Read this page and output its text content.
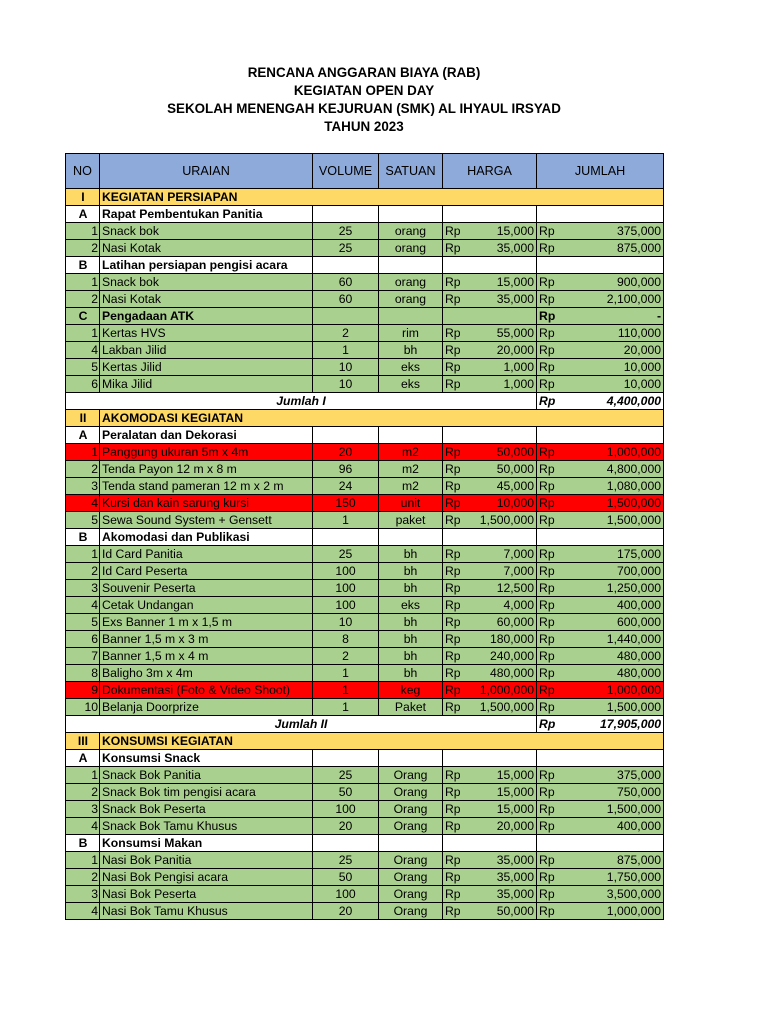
RENCANA ANGGARAN BIAYA (RAB)
KEGIATAN OPEN DAY
SEKOLAH MENENGAH KEJURUAN (SMK) AL IHYAUL IRSYAD
TAHUN 2023
NO	URAIAN	VOLUME	SATUAN	HARGA		JUMLAH	
I	KEGIATAN PERSIAPAN						
A	Rapat Pembentukan Panitia						
1	Snack bok	25	orang	Rp	15,000	Rp	375,000
2	Nasi Kotak	25	orang	Rp	35,000	Rp	875,000
B	Latihan persiapan pengisi acara						
1	Snack bok	60	orang	Rp	15,000	Rp	900,000
2	Nasi Kotak	60	orang	Rp	35,000	Rp	2,100,000
C	Pengadaan ATK					Rp	-
1	Kertas HVS	2	rim	Rp	55,000	Rp	110,000
4	Lakban Jilid	1	bh	Rp	20,000	Rp	20,000
5	Kertas Jilid	10	eks	Rp	1,000	Rp	10,000
6	Mika Jilid	10	eks	Rp	1,000	Rp	10,000
Jumlah I						Rp	4,400,000
II	AKOMODASI KEGIATAN						
A	Peralatan dan Dekorasi						
1	Panggung ukuran 5m x 4m	20	m2	Rp	50,000	Rp	1,000,000
2	Tenda Payon 12 m x 8 m	96	m2	Rp	50,000	Rp	4,800,000
3	Tenda stand pameran 12 m x 2 m	24	m2	Rp	45,000	Rp	1,080,000
4	Kursi dan kain sarung kursi	150	unit	Rp	10,000	Rp	1,500,000
5	Sewa Sound System + Gensett	1	paket	Rp	1,500,000	Rp	1,500,000
B	Akomodasi dan Publikasi						
1	Id Card Panitia	25	bh	Rp	7,000	Rp	175,000
2	Id Card Peserta	100	bh	Rp	7,000	Rp	700,000
3	Souvenir Peserta	100	bh	Rp	12,500	Rp	1,250,000
4	Cetak Undangan	100	eks	Rp	4,000	Rp	400,000
5	Exs Banner 1 m x 1,5 m	10	bh	Rp	60,000	Rp	600,000
6	Banner 1,5 m x 3 m	8	bh	Rp	180,000	Rp	1,440,000
7	Banner 1,5 m x 4 m	2	bh	Rp	240,000	Rp	480,000
8	Baligho 3m x 4m	1	bh	Rp	480,000	Rp	480,000
9	Dokumentasi (Foto & Video Shoot)	1	keg	Rp	1,000,000	Rp	1,000,000
10	Belanja Doorprize	1	Paket	Rp	1,500,000	Rp	1,500,000
Jumlah II						Rp	17,905,000
III	KONSUMSI KEGIATAN						
A	Konsumsi Snack						
1	Snack Bok Panitia	25	Orang	Rp	15,000	Rp	375,000
2	Snack Bok tim pengisi acara	50	Orang	Rp	15,000	Rp	750,000
3	Snack Bok Peserta	100	Orang	Rp	15,000	Rp	1,500,000
4	Snack Bok Tamu Khusus	20	Orang	Rp	20,000	Rp	400,000
B	Konsumsi Makan						
1	Nasi Bok Panitia	25	Orang	Rp	35,000	Rp	875,000
2	Nasi Bok Pengisi acara	50	Orang	Rp	35,000	Rp	1,750,000
3	Nasi Bok Peserta	100	Orang	Rp	35,000	Rp	3,500,000
4	Nasi Bok Tamu Khusus	20	Orang	Rp	50,000	Rp	1,000,000
